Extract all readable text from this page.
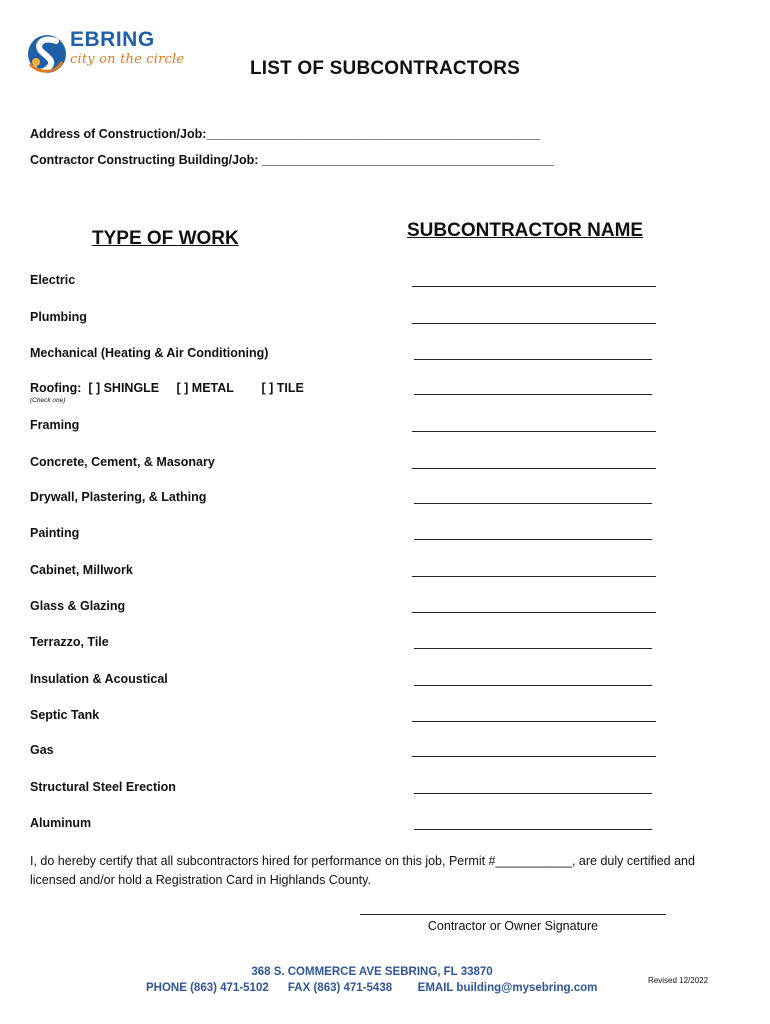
EBRING
city on the circle	LIST OF SUBCONTRACTORS
Address of Construction/Job:________________________________________________
Contractor Constructing Building/Job: __________________________________________
TYPE OF WORK	SUBCONTRACTOR NAME
Electric
Plumbing
Mechanical (Heating & Air Conditioning)
Roofing:  [ ] SHINGLE     [ ] METAL        [ ] TILE
(Check one)
Framing
Concrete, Cement, & Masonary
Drywall, Plastering, & Lathing
Painting
Cabinet, Millwork
Glass & Glazing
Terrazzo, Tile
Insulation & Acoustical
Septic Tank
Gas
Structural Steel Erection
Aluminum
I, do hereby certify that all subcontractors hired for performance on this job, Permit #___________, are duly certified and licensed and/or hold a Registration Card in Highlands County.
Contractor or Owner Signature
368 S. COMMERCE AVE SEBRING, FL 33870
PHONE (863) 471-5102      FAX (863) 471-5438        EMAIL building@mysebring.com
Revised 12/2022
